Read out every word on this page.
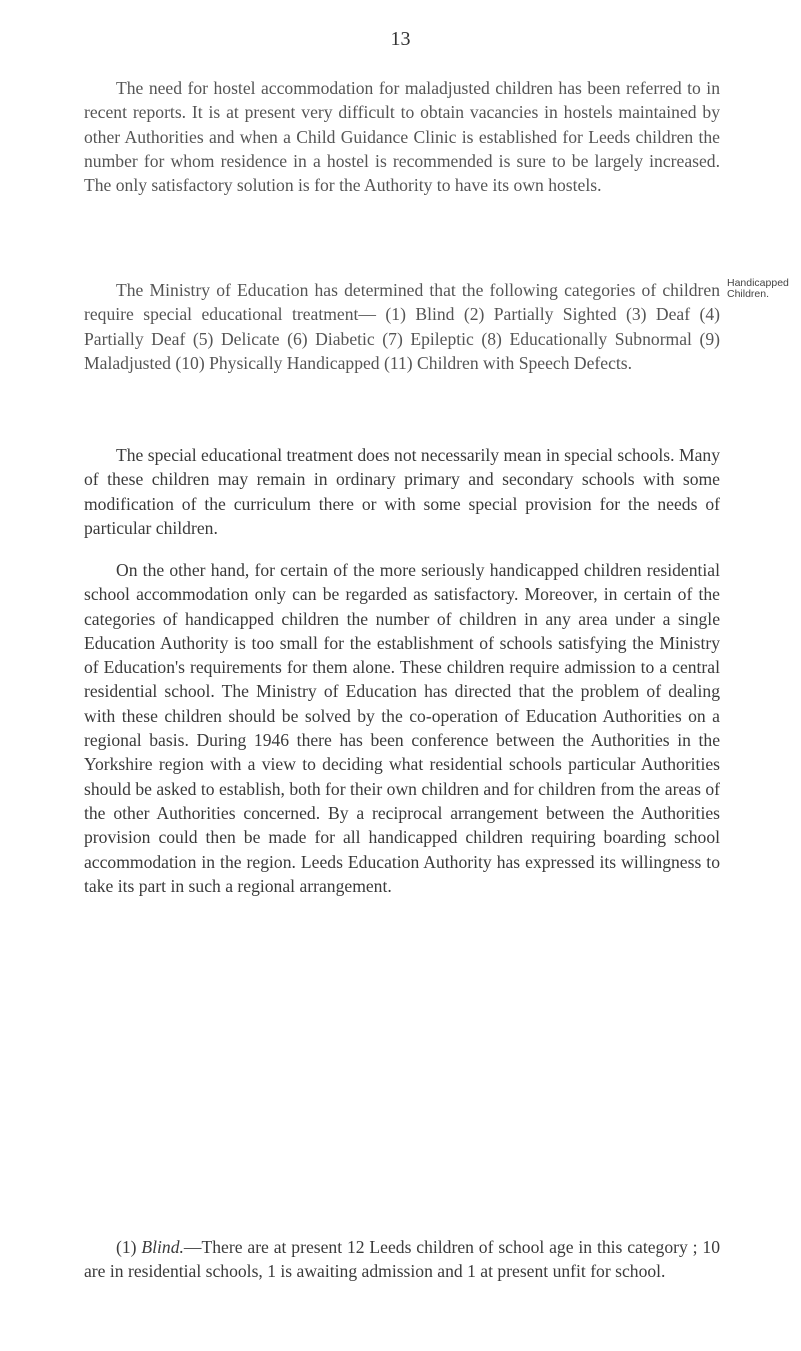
13

The need for hostel accommodation for maladjusted children has been referred to in recent reports. It is at present very difficult to obtain vacancies in hostels maintained by other Authorities and when a Child Guidance Clinic is established for Leeds children the number for whom residence in a hostel is recommended is sure to be largely increased. The only satisfactory solution is for the Authority to have its own hostels.

Handicapped
Children.

The Ministry of Education has determined that the following categories of children require special educational treatment— (1) Blind (2) Partially Sighted (3) Deaf (4) Partially Deaf (5) Delicate (6) Diabetic (7) Epileptic (8) Educationally Subnormal (9) Maladjusted (10) Physically Handicapped (11) Children with Speech Defects.

The special educational treatment does not necessarily mean in special schools. Many of these children may remain in ordinary primary and secondary schools with some modification of the curriculum there or with some special provision for the needs of particular children.

On the other hand, for certain of the more seriously handicapped children residential school accommodation only can be regarded as satisfactory. Moreover, in certain of the categories of handicapped children the number of children in any area under a single Education Authority is too small for the establishment of schools satisfying the Ministry of Education's requirements for them alone. These children require admission to a central residential school. The Ministry of Education has directed that the problem of dealing with these children should be solved by the co-operation of Education Authorities on a regional basis. During 1946 there has been conference between the Authorities in the Yorkshire region with a view to deciding what residential schools particular Authorities should be asked to establish, both for their own children and for children from the areas of the other Authorities concerned. By a reciprocal arrangement between the Authorities provision could then be made for all handicapped children requiring boarding school accommodation in the region. Leeds Education Authority has expressed its willingness to take its part in such a regional arrangement.

(1) Blind.—There are at present 12 Leeds children of school age in this category ; 10 are in residential schools, 1 is awaiting admission and 1 at present unfit for school.
